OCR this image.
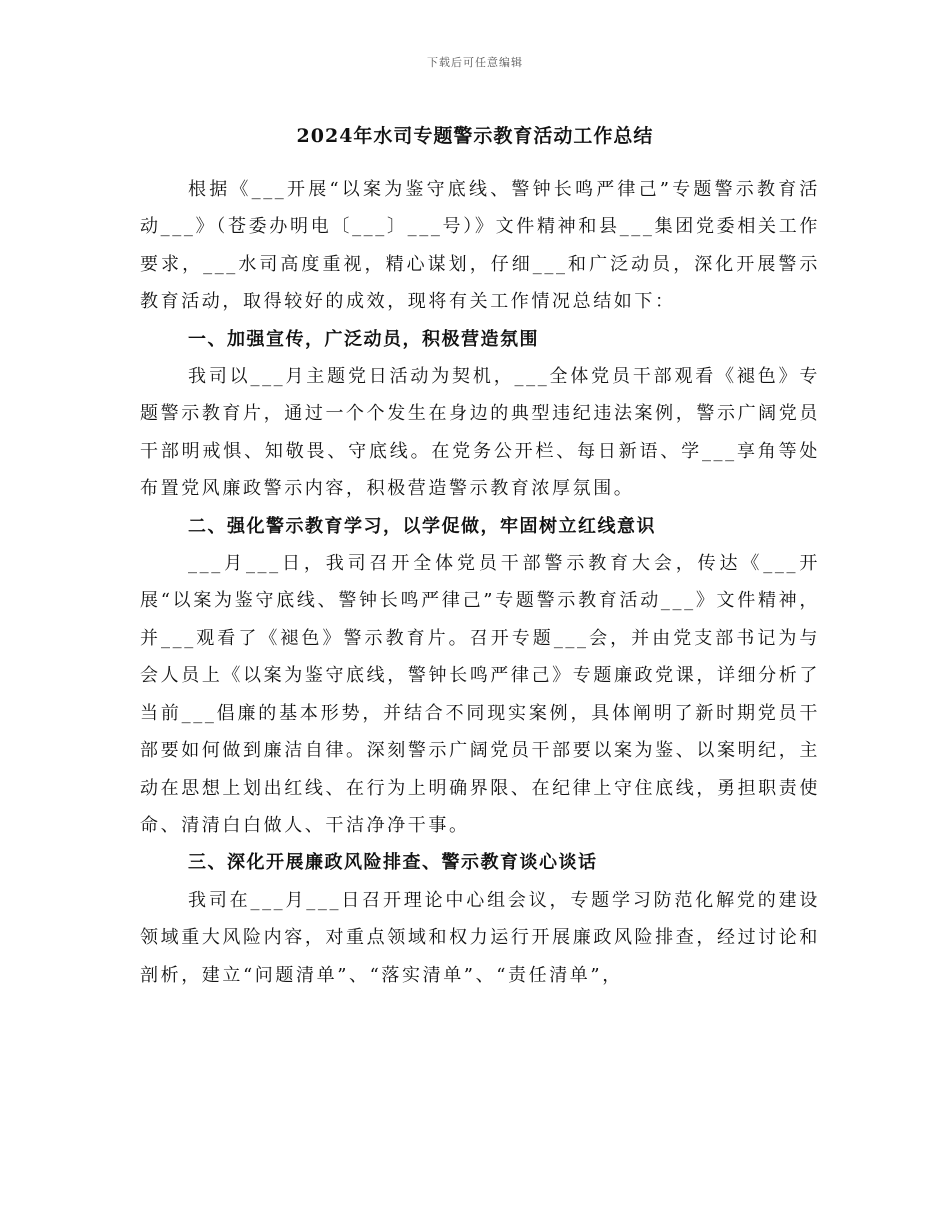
下载后可任意编辑
2024年水司专题警示教育活动工作总结

根据《___开展“以案为鉴守底线、警钟长鸣严律己”专题警示教育活动___》（苍委办明电〔___〕___号）》文件精神和县___集团党委相关工作要求，___水司高度重视，精心谋划，仔细___和广泛动员，深化开展警示教育活动，取得较好的成效，现将有关工作情况总结如下：

一、加强宣传，广泛动员，积极营造氛围

我司以___月主题党日活动为契机，___全体党员干部观看《褪色》专题警示教育片，通过一个个发生在身边的典型违纪违法案例，警示广阔党员干部明戒惧、知敬畏、守底线。在党务公开栏、每日新语、学___享角等处布置党风廉政警示内容，积极营造警示教育浓厚氛围。

二、强化警示教育学习，以学促做，牢固树立红线意识

___月___日，我司召开全体党员干部警示教育大会，传达《___开展“以案为鉴守底线、警钟长鸣严律己”专题警示教育活动___》文件精神，并___观看了《褪色》警示教育片。召开专题___会，并由党支部书记为与会人员上《以案为鉴守底线，警钟长鸣严律己》专题廉政党课，详细分析了当前___倡廉的基本形势，并结合不同现实案例，具体阐明了新时期党员干部要如何做到廉洁自律。深刻警示广阔党员干部要以案为鉴、以案明纪，主动在思想上划出红线、在行为上明确界限、在纪律上守住底线，勇担职责使命、清清白白做人、干洁净净干事。

三、深化开展廉政风险排查、警示教育谈心谈话

我司在___月___日召开理论中心组会议，专题学习防范化解党的建设领域重大风险内容，对重点领域和权力运行开展廉政风险排查，经过讨论和剖析，建立“问题清单”、“落实清单”、“责任清单”，
